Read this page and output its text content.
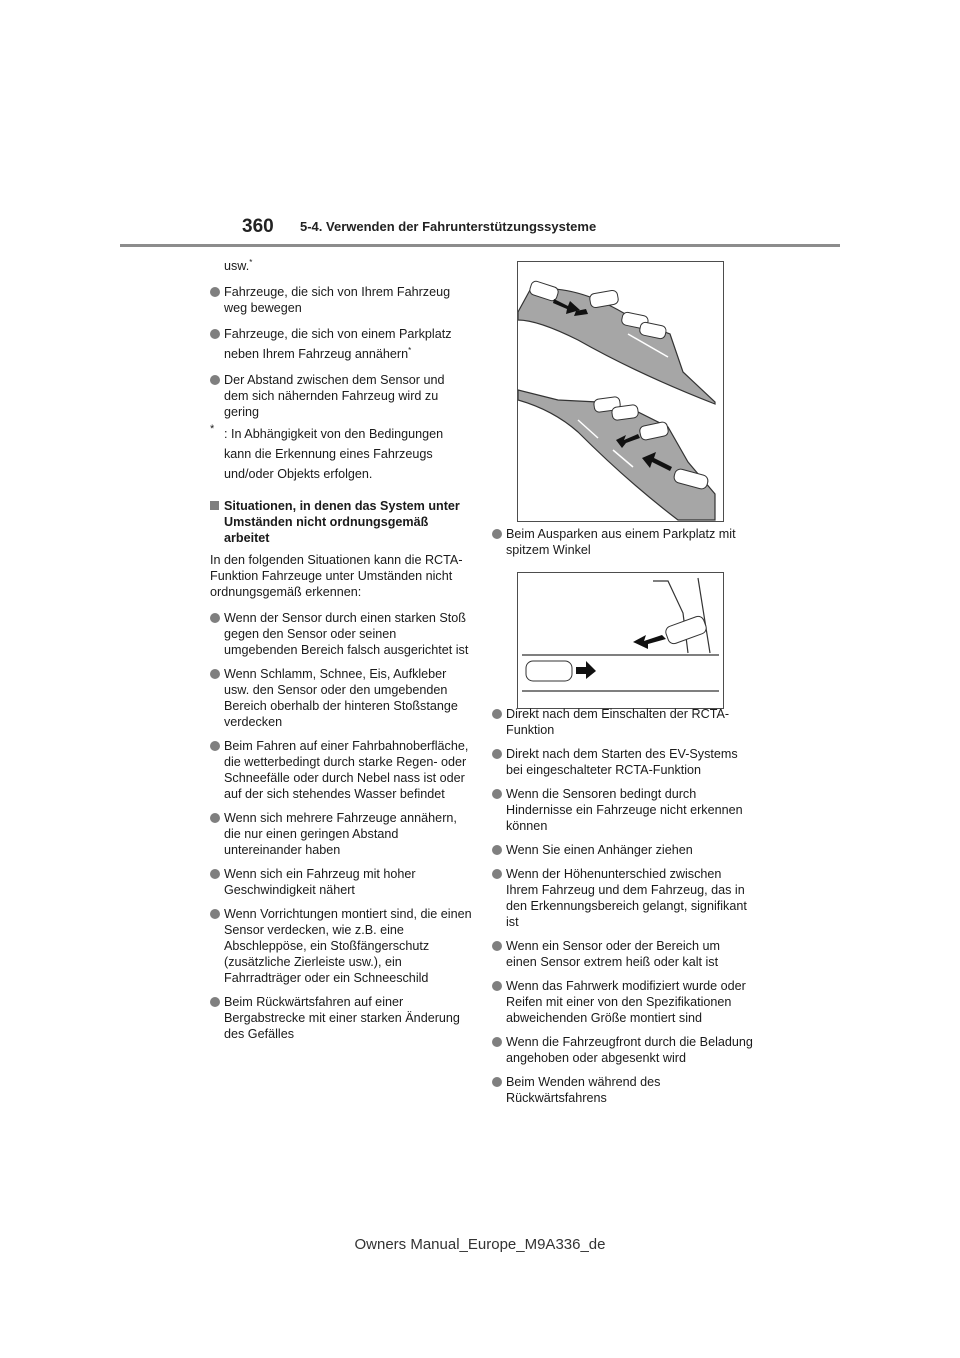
360 5-4. Verwenden der Fahrunterstützungssysteme
usw.*
Fahrzeuge, die sich von Ihrem Fahrzeug weg bewegen
Fahrzeuge, die sich von einem Parkplatz neben Ihrem Fahrzeug annähern*
Der Abstand zwischen dem Sensor und dem sich nähernden Fahrzeug wird zu gering
* : In Abhängigkeit von den Bedingungen kann die Erkennung eines Fahrzeugs und/oder Objekts erfolgen.
Situationen, in denen das System unter Umständen nicht ordnungsgemäß arbeitet
In den folgenden Situationen kann die RCTA-Funktion Fahrzeuge unter Umständen nicht ordnungsgemäß erkennen:
Wenn der Sensor durch einen starken Stoß gegen den Sensor oder seinen umgebenden Bereich falsch ausgerichtet ist
Wenn Schlamm, Schnee, Eis, Aufkleber usw. den Sensor oder den umgebenden Bereich oberhalb der hinteren Stoßstange verdecken
Beim Fahren auf einer Fahrbahnoberfläche, die wetterbedingt durch starke Regen- oder Schneefälle oder durch Nebel nass ist oder auf der sich stehendes Wasser befindet
Wenn sich mehrere Fahrzeuge annähern, die nur einen geringen Abstand untereinander haben
Wenn sich ein Fahrzeug mit hoher Geschwindigkeit nähert
Wenn Vorrichtungen montiert sind, die einen Sensor verdecken, wie z.B. eine Abschleppöse, ein Stoßfängerschutz (zusätzliche Zierleiste usw.), ein Fahrradträger oder ein Schneeschild
Beim Rückwärtsfahren auf einer Bergabstrecke mit einer starken Änderung des Gefälles
Beim Ausparken aus einem Parkplatz mit spitzem Winkel
Direkt nach dem Einschalten der RCTA-Funktion
Direkt nach dem Starten des EV-Systems bei eingeschalteter RCTA-Funktion
Wenn die Sensoren bedingt durch Hindernisse ein Fahrzeuge nicht erkennen können
Wenn Sie einen Anhänger ziehen
Wenn der Höhenunterschied zwischen Ihrem Fahrzeug und dem Fahrzeug, das in den Erkennungsbereich gelangt, signifikant ist
Wenn ein Sensor oder der Bereich um einen Sensor extrem heiß oder kalt ist
Wenn das Fahrwerk modifiziert wurde oder Reifen mit einer von den Spezifikationen abweichenden Größe montiert sind
Wenn die Fahrzeugfront durch die Beladung angehoben oder abgesenkt wird
Beim Wenden während des Rückwärtsfahrens
Owners Manual_Europe_M9A336_de
